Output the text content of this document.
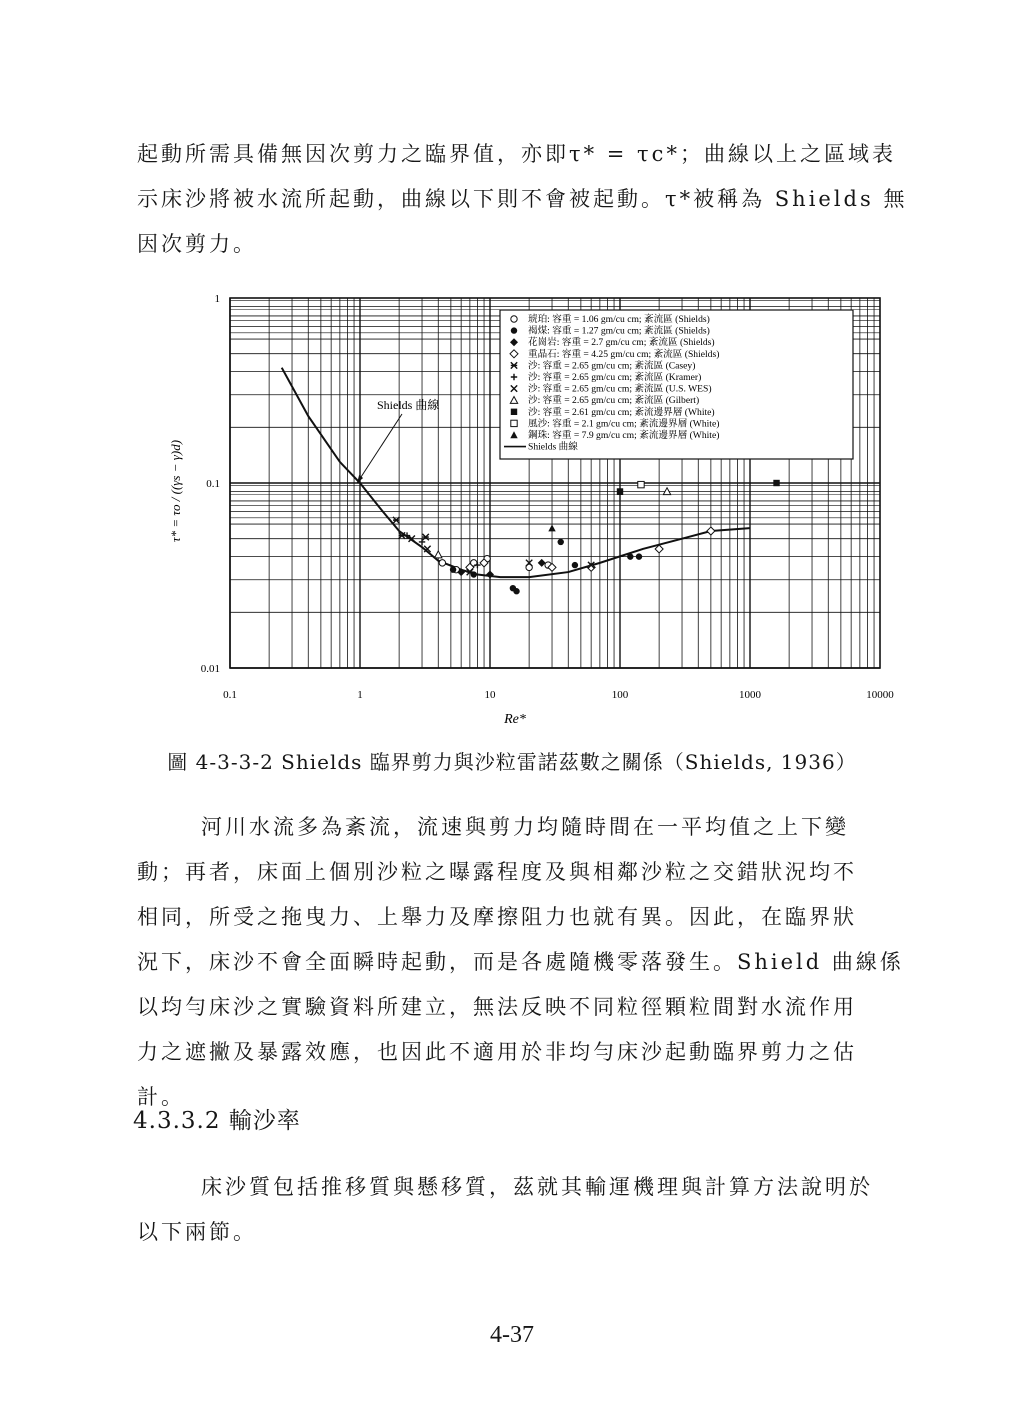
起動所需具備無因次剪力之臨界值，亦即τ* = τc*；曲線以上之區域表
示床沙將被水流所起動，曲線以下則不會被起動。τ*被稱為 Shields 無
因次剪力。
0.1	1	10	100	1000	10000
1
0.1
0.01
琥珀: 容重 = 1.06 gm/cu cm; 紊流區 (Shields)
褐煤: 容重 = 1.27 gm/cu cm; 紊流區 (Shields)
花崗岩: 容重 = 2.7 gm/cu cm; 紊流區 (Shields)
重晶石: 容重 = 4.25 gm/cu cm; 紊流區 (Shields)
沙: 容重 = 2.65 gm/cu cm; 紊流區 (Casey)
沙: 容重 = 2.65 gm/cu cm; 紊流區 (Kramer)
沙: 容重 = 2.65 gm/cu cm; 紊流區 (U.S. WES)
沙: 容重 = 2.65 gm/cu cm; 紊流區 (Gilbert)
沙: 容重 = 2.61 gm/cu cm; 紊流邊界層 (White)
風沙: 容重 = 2.1 gm/cu cm; 紊流邊界層 (White)
鋼珠: 容重 = 7.9 gm/cu cm; 紊流邊界層 (White)
Shields 曲線
Shields 曲線
Re*
τ* = τo / ((γs − γ)d)
圖 4-3-3-2 Shields 臨界剪力與沙粒雷諾茲數之關係（Shields, 1936）
河川水流多為紊流，流速與剪力均隨時間在一平均值之上下變
動；再者，床面上個別沙粒之曝露程度及與相鄰沙粒之交錯狀況均不
相同，所受之拖曳力、上舉力及摩擦阻力也就有異。因此，在臨界狀
況下，床沙不會全面瞬時起動，而是各處隨機零落發生。Shield 曲線係
以均勻床沙之實驗資料所建立，無法反映不同粒徑顆粒間對水流作用
力之遮撇及暴露效應，也因此不適用於非均勻床沙起動臨界剪力之估
計。
4.3.3.2 輸沙率
床沙質包括推移質與懸移質，茲就其輸運機理與計算方法說明於
以下兩節。
4-37
